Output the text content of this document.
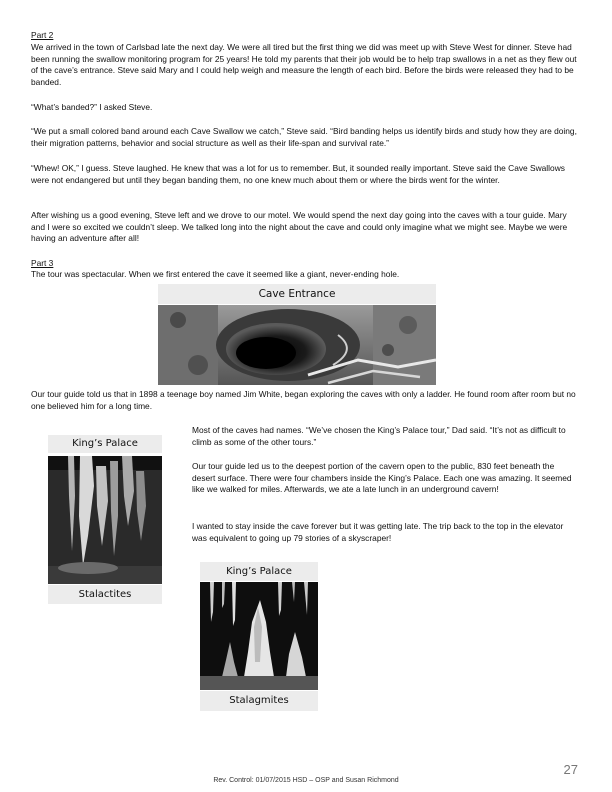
Part 2

We arrived in the town of Carlsbad late the next day. We were all tired but the first thing we did was meet up with Steve West for dinner. Steve had been running the swallow monitoring program for 25 years! He told my parents that their job would be to help trap swallows in a net as they flew out of the cave’s entrance. Steve said Mary and I could help weigh and measure the length of each bird. Before the birds were released they had to be banded.

“What’s banded?” I asked Steve.

“We put a small colored band around each Cave Swallow we catch,” Steve said. “Bird banding helps us identify birds and study how they are doing, their migration patterns, behavior and social structure as well as their life-span and survival rate.”

“Whew! OK,” I guess. Steve laughed. He knew that was a lot for us to remember. But, it sounded really important. Steve said the Cave Swallows were not endangered but until they began banding them, no one knew much about them or where the birds went for the winter.

After wishing us a good evening, Steve left and we drove to our motel. We would spend the next day going into the caves with a tour guide. Mary and I were so excited we couldn’t sleep. We talked long into the night about the cave and could only imagine what we might see. Maybe we were having an adventure after all!

Part 3

The tour was spectacular. When we first entered the cave it seemed like a giant, never-ending hole.

Cave Entrance

Our tour guide told us that in 1898 a teenage boy named Jim White, began exploring the caves with only a ladder. He found room after room but no one believed him for a long time.

Most of the caves had names. “We’ve chosen the King’s Palace tour,” Dad said. “It’s not as difficult to climb as some of the other tours.”

Our tour guide led us to the deepest portion of the cavern open to the public, 830 feet beneath the desert surface. There were four chambers inside the King’s Palace. Each one was amazing. It seemed like we walked for miles. Afterwards, we ate a late lunch in an underground cavern!

I wanted to stay inside the cave forever but it was getting late. The trip back to the top in the elevator was equivalent to going up 79 stories of a skyscraper!

King’s Palace
Stalactites
King’s Palace
Stalagmites
27
Rev. Control: 01/07/2015 HSD – OSP and Susan Richmond
